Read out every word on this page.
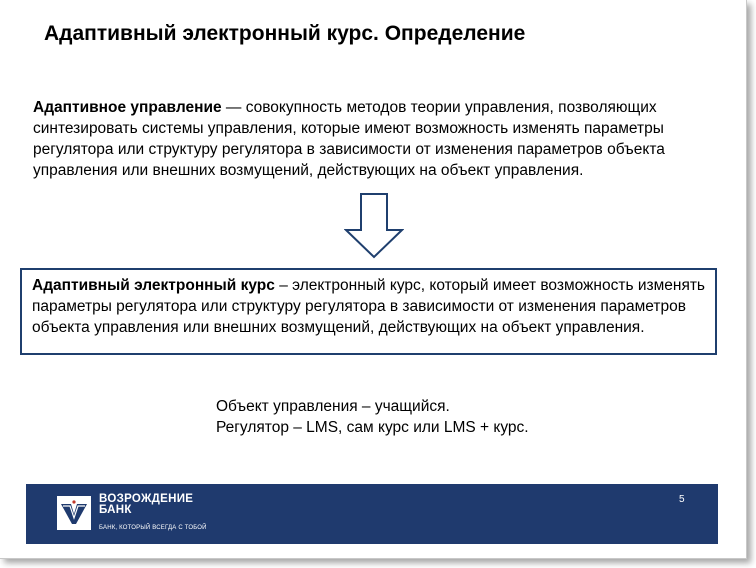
Адаптивный электронный курс. Определение
Адаптивное управление — совокупность методов теории управления, позволяющих синтезировать системы управления, которые имеют возможность изменять параметры регулятора или структуру регулятора в зависимости от изменения параметров объекта управления или внешних возмущений, действующих на объект управления.
Адаптивный электронный курс – электронный курс, который имеет возможность изменять параметры регулятора или структуру регулятора в зависимости от изменения параметров объекта управления или внешних возмущений, действующих на объект управления.
Объект управления – учащийся.
Регулятор – LMS, сам курс или LMS + курс.
ВОЗРОЖДЕНИЕ
БАНК
БАНК, КОТОРЫЙ ВСЕГДА С ТОБОЙ
5
